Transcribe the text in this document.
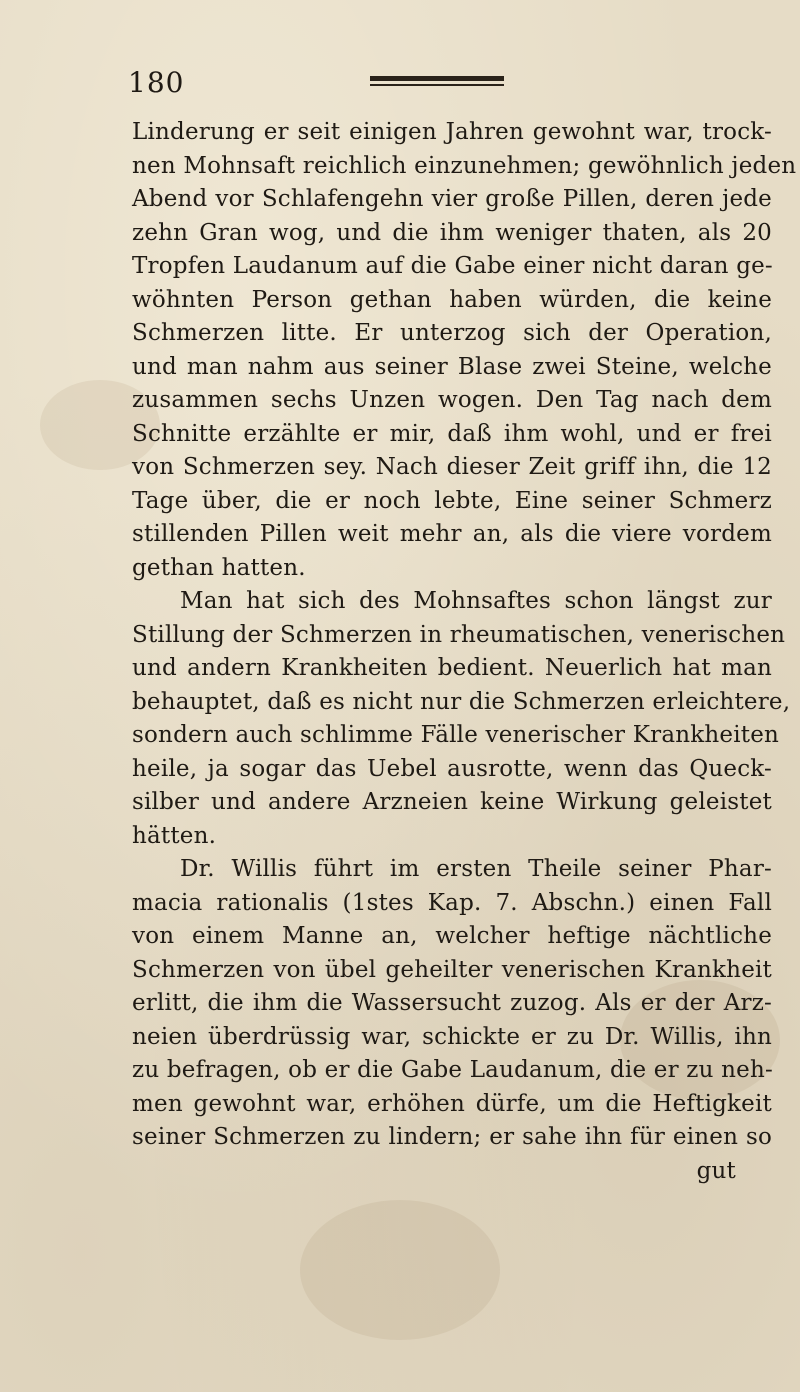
180
Linderung er seit einigen Jahren gewohnt war, trock-
nen Mohnsaft reichlich einzunehmen; gewöhnlich jeden
Abend vor Schlafengehn vier große Pillen, deren jede
zehn Gran wog, und die ihm weniger thaten, als 20
Tropfen Laudanum auf die Gabe einer nicht daran ge-
wöhnten Person gethan haben würden, die keine
Schmerzen litte. Er unterzog sich der Operation,
und man nahm aus seiner Blase zwei Steine, welche
zusammen sechs Unzen wogen. Den Tag nach dem
Schnitte erzählte er mir, daß ihm wohl, und er frei
von Schmerzen sey. Nach dieser Zeit griff ihn, die 12
Tage über, die er noch lebte, Eine seiner Schmerz
stillenden Pillen weit mehr an, als die viere vordem
gethan hatten.
Man hat sich des Mohnsaftes schon längst zur
Stillung der Schmerzen in rheumatischen, venerischen
und andern Krankheiten bedient. Neuerlich hat man
behauptet, daß es nicht nur die Schmerzen erleichtere,
sondern auch schlimme Fälle venerischer Krankheiten
heile, ja sogar das Uebel ausrotte, wenn das Queck-
silber und andere Arzneien keine Wirkung geleistet
hätten.
Dr. Willis führt im ersten Theile seiner Phar-
macia rationalis (1stes Kap. 7. Abschn.) einen Fall
von einem Manne an, welcher heftige nächtliche
Schmerzen von übel geheilter venerischen Krankheit
erlitt, die ihm die Wassersucht zuzog. Als er der Arz-
neien überdrüssig war, schickte er zu Dr. Willis, ihn
zu befragen, ob er die Gabe Laudanum, die er zu neh-
men gewohnt war, erhöhen dürfe, um die Heftigkeit
seiner Schmerzen zu lindern; er sahe ihn für einen so
gut
